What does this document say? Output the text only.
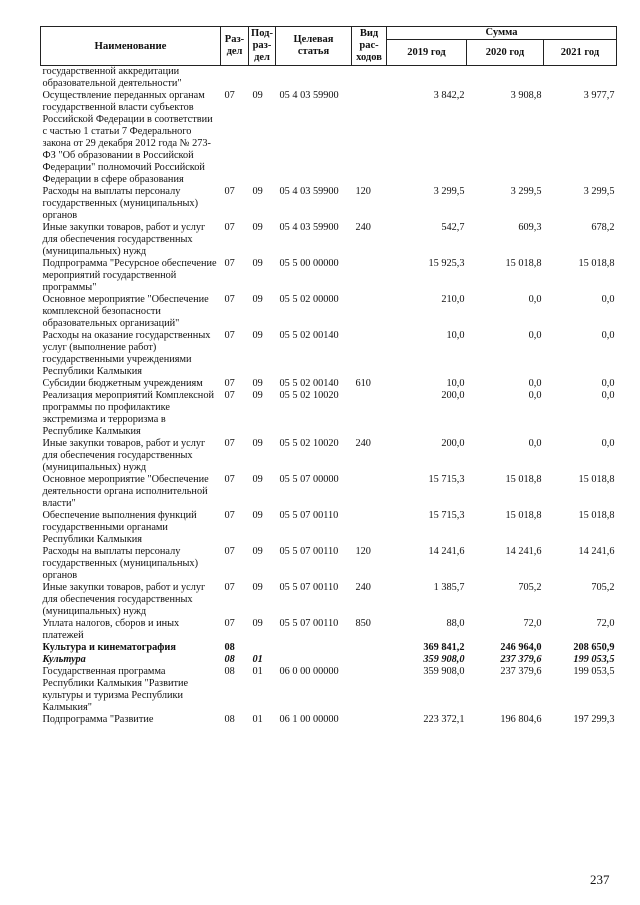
Наименование	Раз- дел	Под- раз- дел	Целевая статья	Вид рас- ходов	Сумма		
					2019 год	2020 год	2021 год
государственной аккредитации образовательной деятельности"							
Осуществление переданных органам государственной власти субъектов Российской Федерации в соответствии с частью 1 статьи 7 Федерального закона от 29 декабря 2012 года № 273-ФЗ "Об образовании в Российской Федерации" полномочий Российской Федерации в сфере образования	07	09	05 4 03 59900		3 842,2	3 908,8	3 977,7
Расходы на выплаты персоналу государственных (муниципальных) органов	07	09	05 4 03 59900	120	3 299,5	3 299,5	3 299,5
Иные закупки товаров, работ и услуг для обеспечения государственных (муниципальных) нужд	07	09	05 4 03 59900	240	542,7	609,3	678,2
Подпрограмма "Ресурсное обеспечение мероприятий государственной программы"	07	09	05 5 00 00000		15 925,3	15 018,8	15 018,8
Основное мероприятие "Обеспечение комплексной безопасности образовательных организаций"	07	09	05 5 02 00000		210,0	0,0	0,0
Расходы на оказание государственных услуг (выполнение работ) государственными учреждениями Республики Калмыкия	07	09	05 5 02 00140		10,0	0,0	0,0
Субсидии бюджетным учреждениям	07	09	05 5 02 00140	610	10,0	0,0	0,0
Реализация мероприятий Комплексной программы по профилактике экстремизма и терроризма в Республике Калмыкия	07	09	05 5 02 10020		200,0	0,0	0,0
Иные закупки товаров, работ и услуг для обеспечения государственных (муниципальных) нужд	07	09	05 5 02 10020	240	200,0	0,0	0,0
Основное мероприятие "Обеспечение деятельности органа исполнительной власти"	07	09	05 5 07 00000		15 715,3	15 018,8	15 018,8
Обеспечение выполнения функций государственными органами Республики Калмыкия	07	09	05 5 07 00110		15 715,3	15 018,8	15 018,8
Расходы на выплаты персоналу государственных (муниципальных) органов	07	09	05 5 07 00110	120	14 241,6	14 241,6	14 241,6
Иные закупки товаров, работ и услуг для обеспечения государственных (муниципальных) нужд	07	09	05 5 07 00110	240	1 385,7	705,2	705,2
Уплата налогов, сборов и иных платежей	07	09	05 5 07 00110	850	88,0	72,0	72,0
Культура и кинематография	08				369 841,2	246 964,0	208 650,9
Культура	08	01			359 908,0	237 379,6	199 053,5
Государственная программа Республики Калмыкия "Развитие культуры и туризма Республики Калмыкия"	08	01	06 0 00 00000		359 908,0	237 379,6	199 053,5
Подпрограмма "Развитие	08	01	06 1 00 00000		223 372,1	196 804,6	197 299,3
237
